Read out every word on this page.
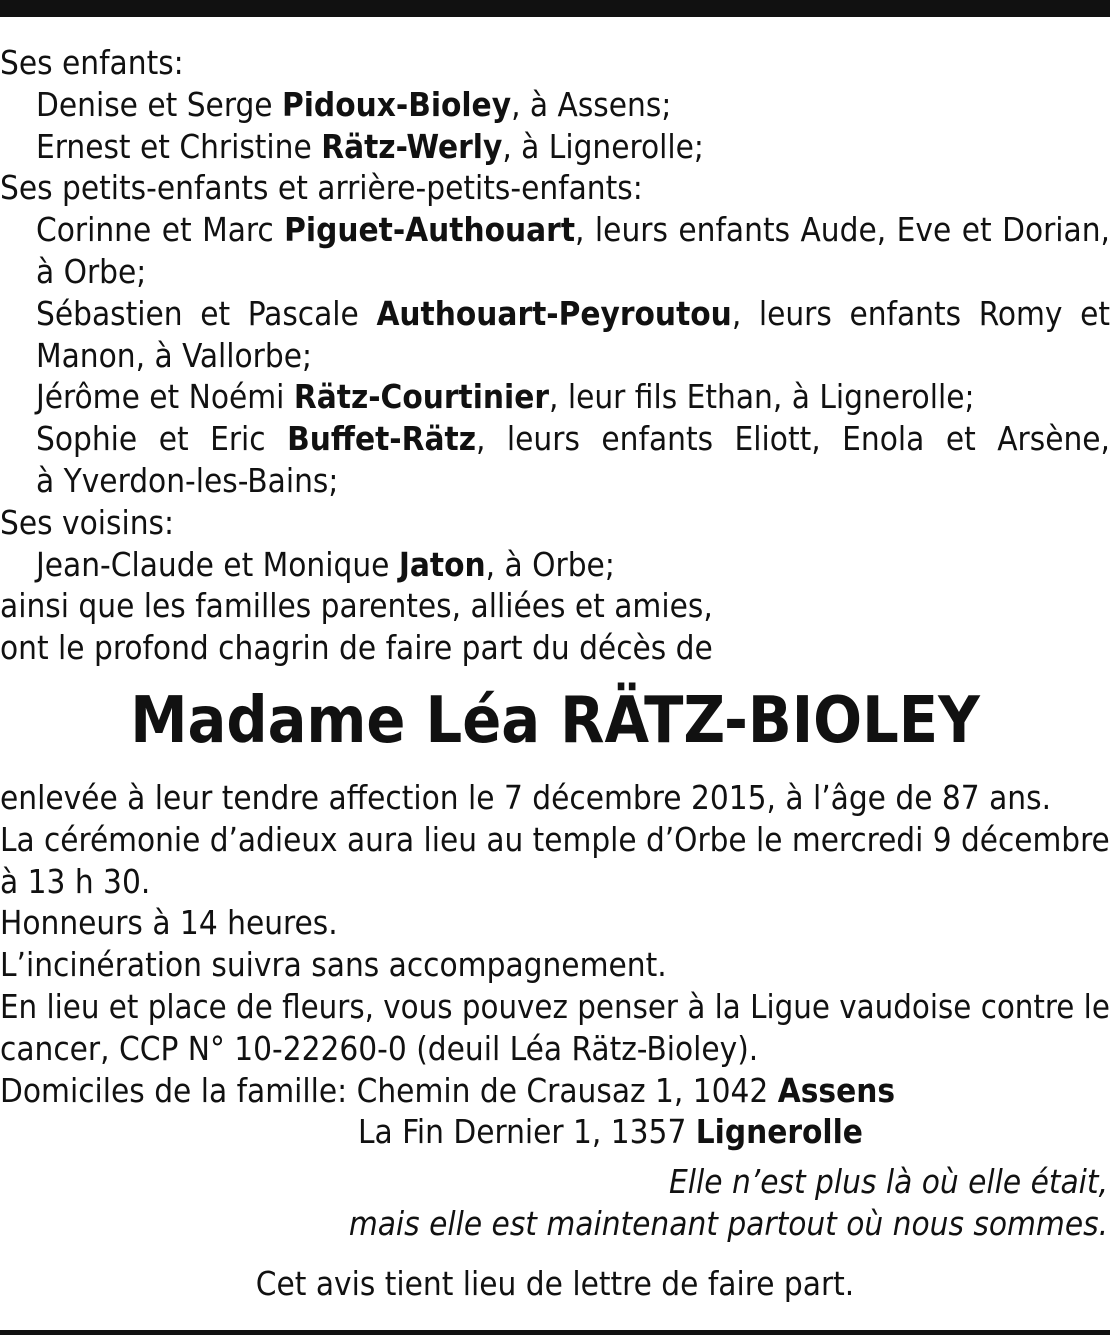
Ses enfants:
Denise et Serge Pidoux-Bioley, à Assens;
Ernest et Christine Rätz-Werly, à Lignerolle;
Ses petits-enfants et arrière-petits-enfants:
Corinne et Marc Piguet-Authouart, leurs enfants Aude, Eve et Dorian,
à Orbe;
Sébastien et Pascale Authouart-Peyroutou, leurs enfants Romy et
Manon, à Vallorbe;
Jérôme et Noémi Rätz-Courtinier, leur fils Ethan, à Lignerolle;
Sophie et Eric Buffet-Rätz, leurs enfants Eliott, Enola et Arsène,
à Yverdon-les-Bains;
Ses voisins:
Jean-Claude et Monique Jaton, à Orbe;
ainsi que les familles parentes, alliées et amies,
ont le profond chagrin de faire part du décès de
Madame Léa RÄTZ-BIOLEY
enlevée à leur tendre affection le 7 décembre 2015, à l’âge de 87 ans.
La cérémonie d’adieux aura lieu au temple d’Orbe le mercredi 9 décembre
à 13 h 30.
Honneurs à 14 heures.
L’incinération suivra sans accompagnement.
En lieu et place de fleurs, vous pouvez penser à la Ligue vaudoise contre le
cancer, CCP N° 10-22260-0 (deuil Léa Rätz-Bioley).
Domiciles de la famille: Chemin de Crausaz 1, 1042 Assens
La Fin Dernier 1, 1357 Lignerolle
Elle n’est plus là où elle était,
mais elle est maintenant partout où nous sommes.
Cet avis tient lieu de lettre de faire part.
